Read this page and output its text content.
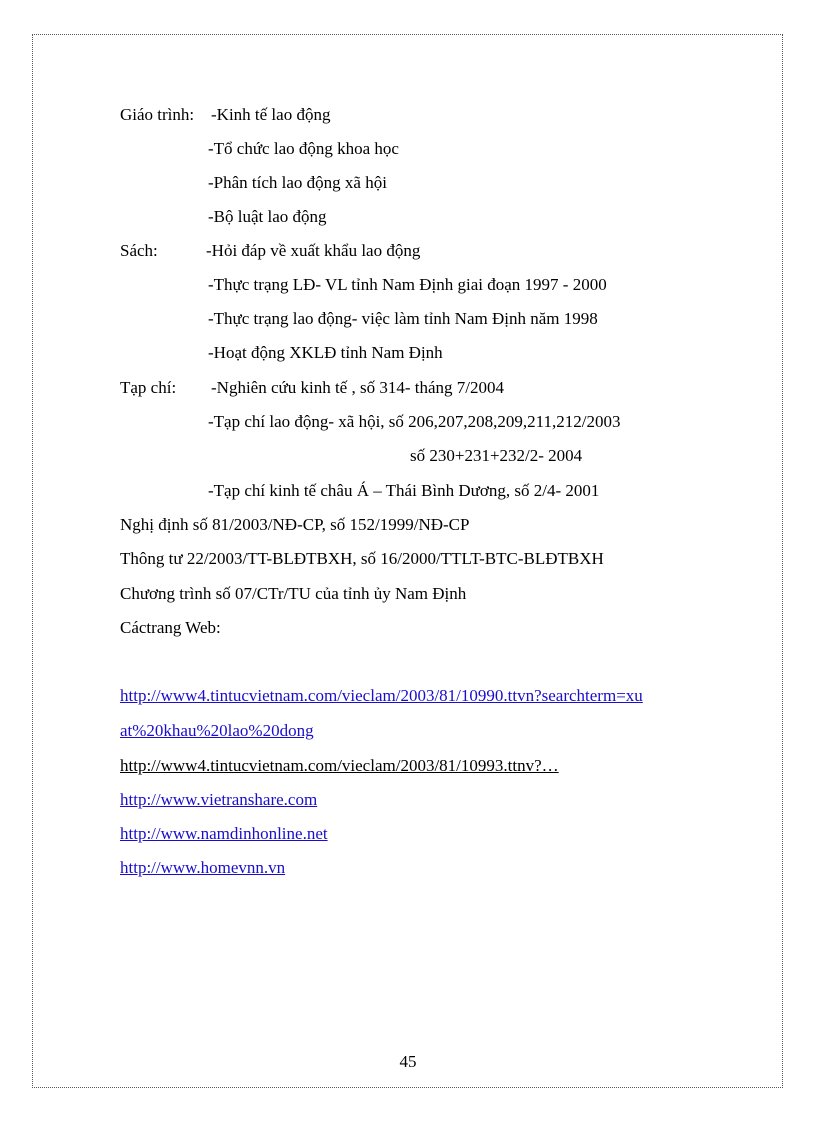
Giáo trình: -Kinh tế lao động
-Tổ chức lao động khoa học
-Phân tích lao động xã hội
-Bộ luật lao động
Sách:	-Hỏi đáp về xuất khẩu lao động
-Thực trạng LĐ- VL tỉnh Nam Định giai đoạn 1997 - 2000
-Thực trạng lao động- việc làm tỉnh Nam Định năm 1998
-Hoạt động XKLĐ tỉnh Nam Định
Tạp chí: -Nghiên cứu kinh tế , số 314- tháng 7/2004
-Tạp chí lao động- xã hội, số 206,207,208,209,211,212/2003
số 230+231+232/2- 2004
-Tạp chí kinh tế châu Á – Thái Bình Dương, số 2/4- 2001
Nghị định số 81/2003/NĐ-CP, số 152/1999/NĐ-CP
Thông tư 22/2003/TT-BLĐTBXH, số 16/2000/TTLT-BTC-BLĐTBXH
Chương trình số 07/CTr/TU của tỉnh ủy Nam Định
Cáctrang Web:
http://www4.tintucvietnam.com/vieclam/2003/81/10990.ttvn?searchterm=xu
at%20khau%20lao%20dong
http://www4.tintucvietnam.com/vieclam/2003/81/10993.ttnv?…
http://www.vietranshare.com
http://www.namdinhonline.net
http://www.homevnn.vn
45
